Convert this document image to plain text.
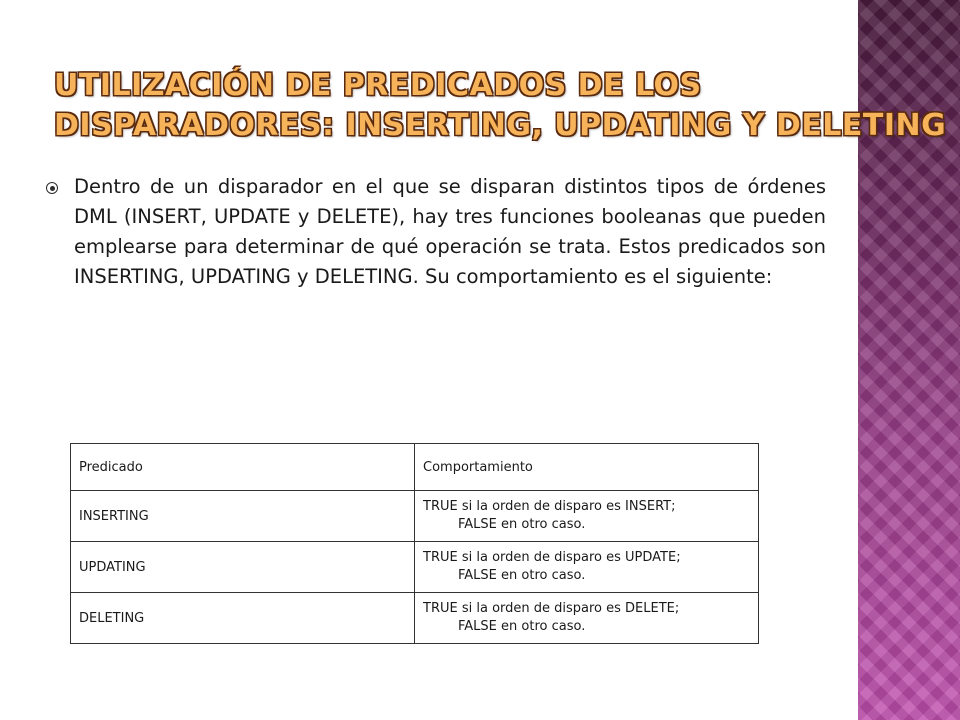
UTILIZACIÓN DE PREDICADOS DE LOS
DISPARADORES: INSERTING, UPDATING Y DELETING

Dentro de un disparador en el que se disparan distintos tipos de órdenes DML (INSERT, UPDATE y DELETE), hay tres funciones booleanas que pueden emplearse para determinar de qué operación se trata. Estos predicados son INSERTING, UPDATING y DELETING. Su comportamiento es el siguiente:

Predicado	Comportamiento
INSERTING	TRUE si la orden de disparo es INSERT;
FALSE en otro caso.

UPDATING	TRUE si la orden de disparo es UPDATE;
FALSE en otro caso.

DELETING	TRUE si la orden de disparo es DELETE;
FALSE en otro caso.
